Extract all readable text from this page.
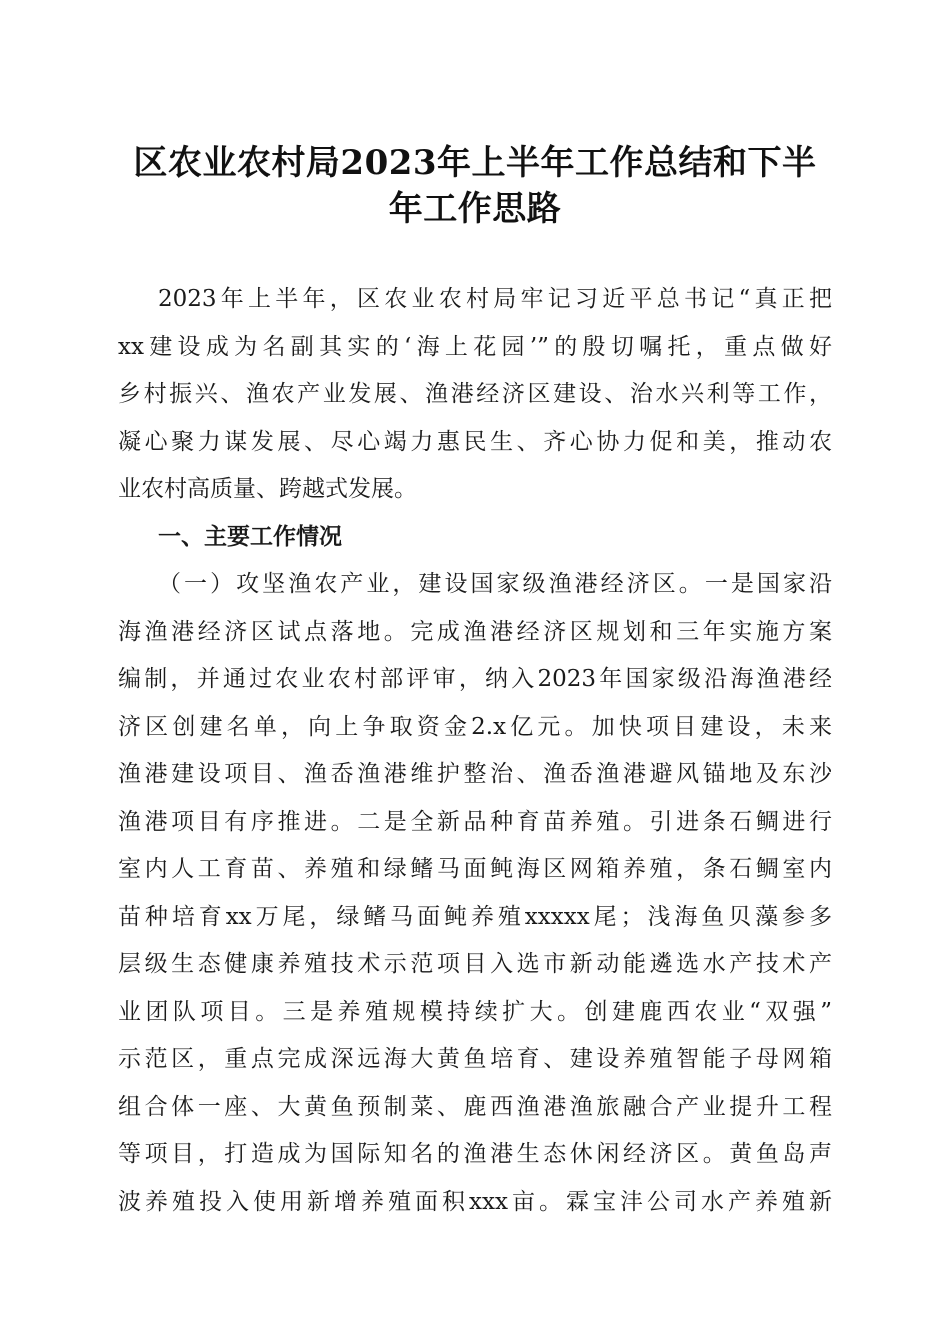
区农业农村局2023年上半年工作总结和下半
年工作思路
2023年上半年，区农业农村局牢记习近平总书记“真正把
xx建设成为名副其实的‘海上花园’”的殷切嘱托，重点做好
乡村振兴、渔农产业发展、渔港经济区建设、治水兴利等工作，
凝心聚力谋发展、尽心竭力惠民生、齐心协力促和美，推动农
业农村高质量、跨越式发展。
一、主要工作情况
（一）攻坚渔农产业，建设国家级渔港经济区。一是国家沿
海渔港经济区试点落地。完成渔港经济区规划和三年实施方案
编制，并通过农业农村部评审，纳入2023年国家级沿海渔港经
济区创建名单，向上争取资金2.x亿元。加快项目建设，未来
渔港建设项目、渔岙渔港维护整治、渔岙渔港避风锚地及东沙
渔港项目有序推进。二是全新品种育苗养殖。引进条石鲷进行
室内人工育苗、养殖和绿鳍马面鲀海区网箱养殖，条石鲷室内
苗种培育xx万尾，绿鳍马面鲀养殖xxxxx尾；浅海鱼贝藻参多
层级生态健康养殖技术示范项目入选市新动能遴选水产技术产
业团队项目。三是养殖规模持续扩大。创建鹿西农业“双强”
示范区，重点完成深远海大黄鱼培育、建设养殖智能子母网箱
组合体一座、大黄鱼预制菜、鹿西渔港渔旅融合产业提升工程
等项目，打造成为国际知名的渔港生态休闲经济区。黄鱼岛声
波养殖投入使用新增养殖面积xxx亩。霖宝沣公司水产养殖新
